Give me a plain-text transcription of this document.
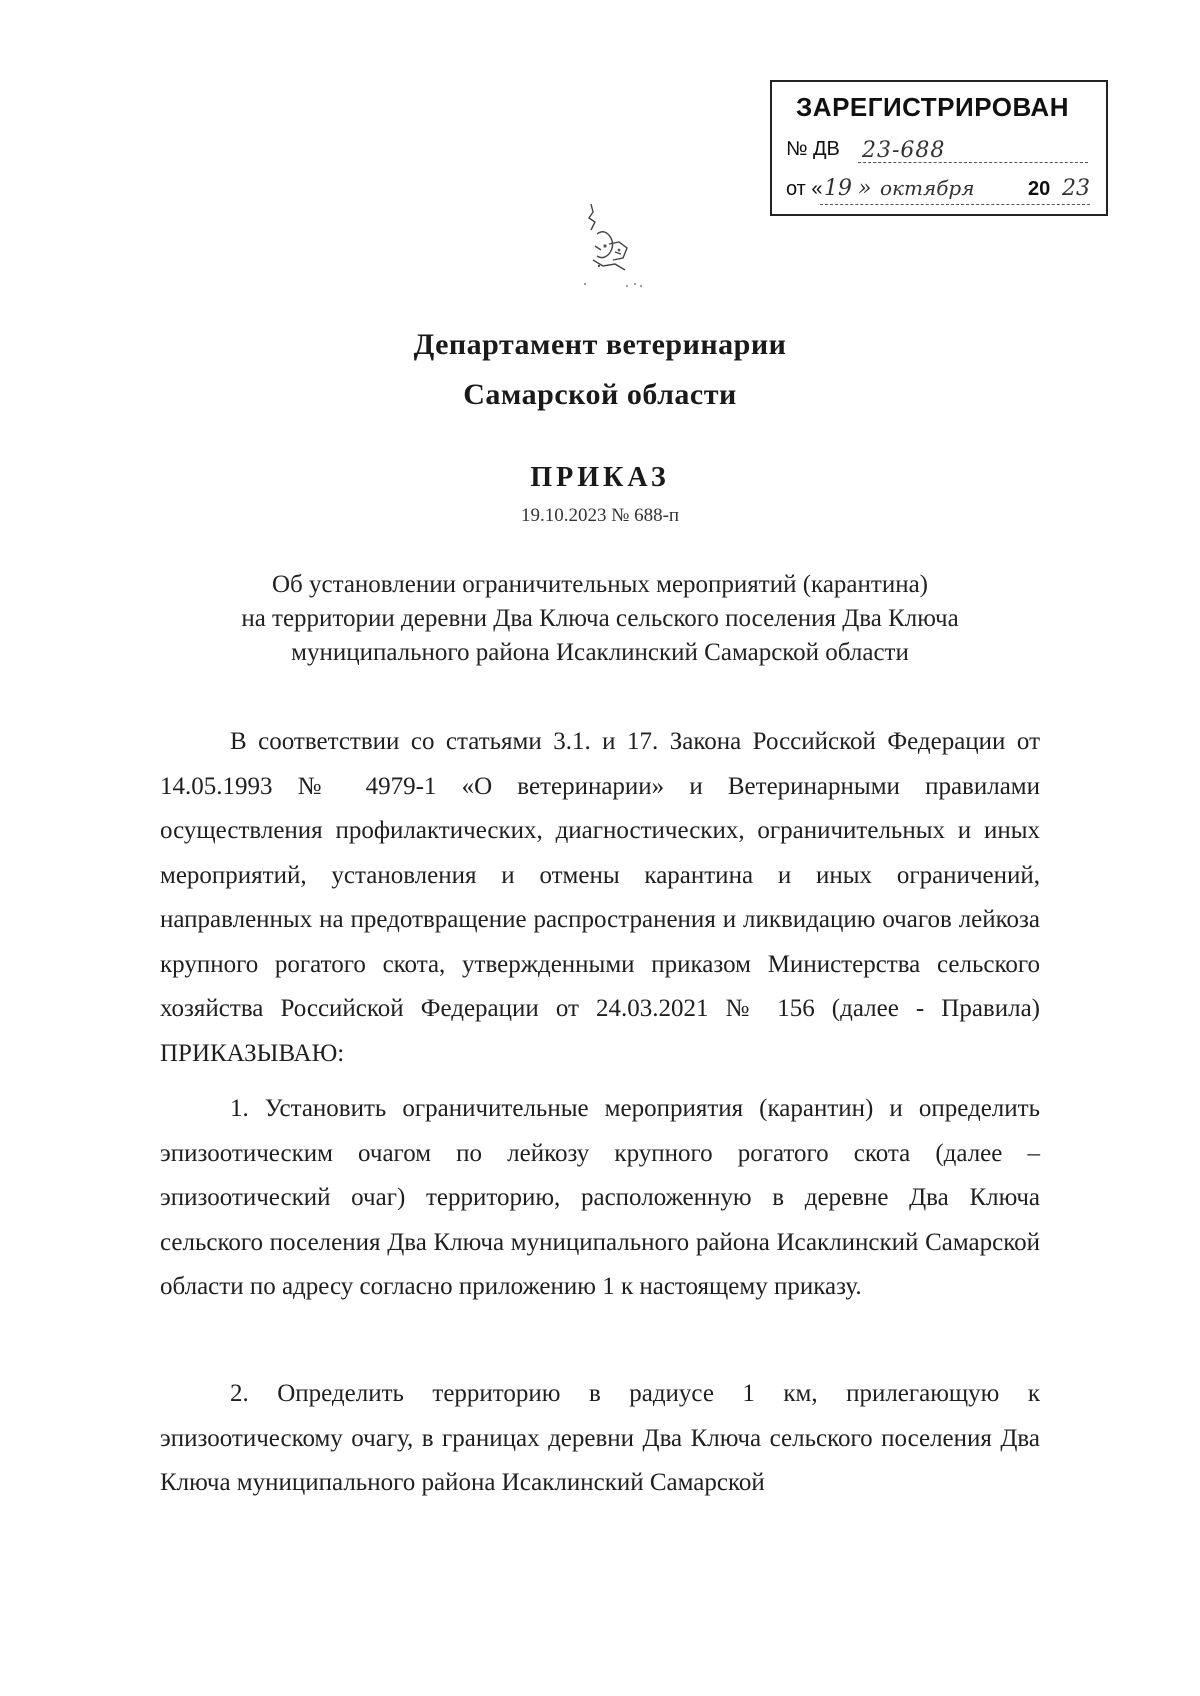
ЗАРЕГИСТРИРОВАН
№ ДВ 23-688
от « 19 » октября	20 23
Департамент ветеринарии
Самарской области
ПРИКАЗ
19.10.2023 № 688-п
Об установлении ограничительных мероприятий (карантина)
на территории деревни Два Ключа сельского поселения Два Ключа
муниципального района Исаклинский Самарской области

В соответствии со статьями 3.1. и 17. Закона Российской Федерации от 14.05.1993 № 4979-1 «О ветеринарии» и Ветеринарными правилами осуществления профилактических, диагностических, ограничительных и иных мероприятий, установления и отмены карантина и иных ограничений, направленных на предотвращение распространения и ликвидацию очагов лейкоза крупного рогатого скота, утвержденными приказом Министерства сельского хозяйства Российской Федерации от 24.03.2021 № 156 (далее - Правила) ПРИКАЗЫВАЮ:

1. Установить ограничительные мероприятия (карантин) и определить эпизоотическим очагом по лейкозу крупного рогатого скота (далее – эпизоотический очаг) территорию, расположенную в деревне Два Ключа сельского поселения Два Ключа муниципального района Исаклинский Самарской области по адресу согласно приложению 1 к настоящему приказу.

2. Определить территорию в радиусе 1 км, прилегающую к эпизоотическому очагу, в границах деревни Два Ключа сельского поселения Два Ключа муниципального района Исаклинский Самарской
